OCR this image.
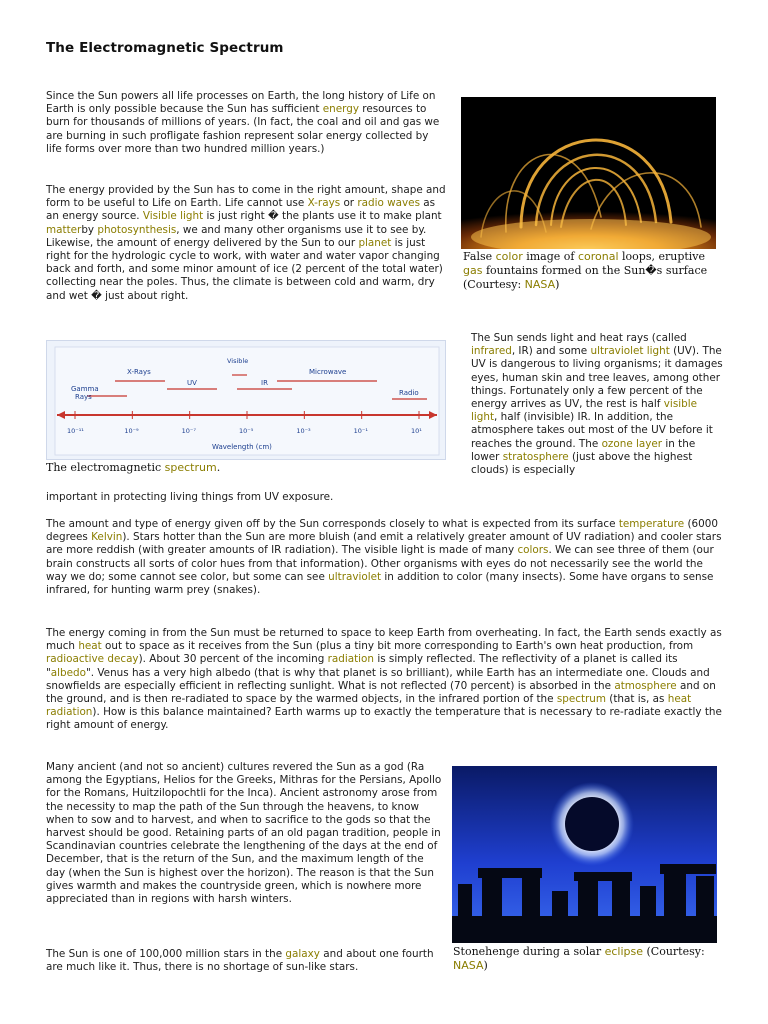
The Electromagnetic Spectrum

Since the Sun powers all life processes on Earth, the long history of Life on Earth is only possible because the Sun has sufficient energy resources to burn for thousands of millions of years. (In fact, the coal and oil and gas we are burning in such profligate fashion represent solar energy collected by life forms over more than two hundred million years.)

False color image of coronal loops, eruptive gas fountains formed on the Sun�s surface (Courtesy: NASA)

The energy provided by the Sun has to come in the right amount, shape and form to be useful to Life on Earth. Life cannot use X-rays or radio waves as an energy source. Visible light is just right � the plants use it to make plant matterby photosynthesis, we and many other organisms use it to see by. Likewise, the amount of energy delivered by the Sun to our planet is just right for the hydrologic cycle to work, with water and water vapor changing back and forth, and some minor amount of ice (2 percent of the total water) collecting near the poles. Thus, the climate is between cold and warm, dry and wet � just about right.

Gamma Rays
X-Rays
UV
Visible
IR
Microwave
Radio
10⁻¹¹	10⁻⁹	10⁻⁷	10⁻⁵	10⁻³	10⁻¹	10¹
Wavelength (cm)

The electromagnetic spectrum.

The Sun sends light and heat rays (called infrared, IR) and some ultraviolet light (UV). The UV is dangerous to living organisms; it damages eyes, human skin and tree leaves, among other things. Fortunately only a few percent of the energy arrives as UV, the rest is half visible light, half (invisible) IR. In addition, the atmosphere takes out most of the UV before it reaches the ground. The ozone layer in the lower stratosphere (just above the highest clouds) is especially

important in protecting living things from UV exposure.

The amount and type of energy given off by the Sun corresponds closely to what is expected from its surface temperature (6000 degrees Kelvin). Stars hotter than the Sun are more bluish (and emit a relatively greater amount of UV radiation) and cooler stars are more reddish (with greater amounts of IR radiation). The visible light is made of many colors. We can see three of them (our brain constructs all sorts of color hues from that information). Other organisms with eyes do not necessarily see the world the way we do; some cannot see color, but some can see ultraviolet in addition to color (many insects). Some have organs to sense infrared, for hunting warm prey (snakes).

The energy coming in from the Sun must be returned to space to keep Earth from overheating. In fact, the Earth sends exactly as much heat out to space as it receives from the Sun (plus a tiny bit more corresponding to Earth's own heat production, from radioactive decay). About 30 percent of the incoming radiation is simply reflected. The reflectivity of a planet is called its "albedo". Venus has a very high albedo (that is why that planet is so brilliant), while Earth has an intermediate one. Clouds and snowfields are especially efficient in reflecting sunlight. What is not reflected (70 percent) is absorbed in the atmosphere and on the ground, and is then re-radiated to space by the warmed objects, in the infrared portion of the spectrum (that is, as heat radiation). How is this balance maintained? Earth warms up to exactly the temperature that is necessary to re-radiate exactly the right amount of energy.

Many ancient (and not so ancient) cultures revered the Sun as a god (Ra among the Egyptians, Helios for the Greeks, Mithras for the Persians, Apollo for the Romans, Huitzilopochtli for the Inca). Ancient astronomy arose from the necessity to map the path of the Sun through the heavens, to know when to sow and to harvest, and when to sacrifice to the gods so that the harvest should be good. Retaining parts of an old pagan tradition, people in Scandinavian countries celebrate the lengthening of the days at the end of December, that is the return of the Sun, and the maximum length of the day (when the Sun is highest over the horizon). The reason is that the Sun gives warmth and makes the countryside green, which is nowhere more appreciated than in regions with harsh winters.

Stonehenge during a solar eclipse (Courtesy: NASA)

The Sun is one of 100,000 million stars in the galaxy and about one fourth are much like it. Thus, there is no shortage of sun-like stars.
